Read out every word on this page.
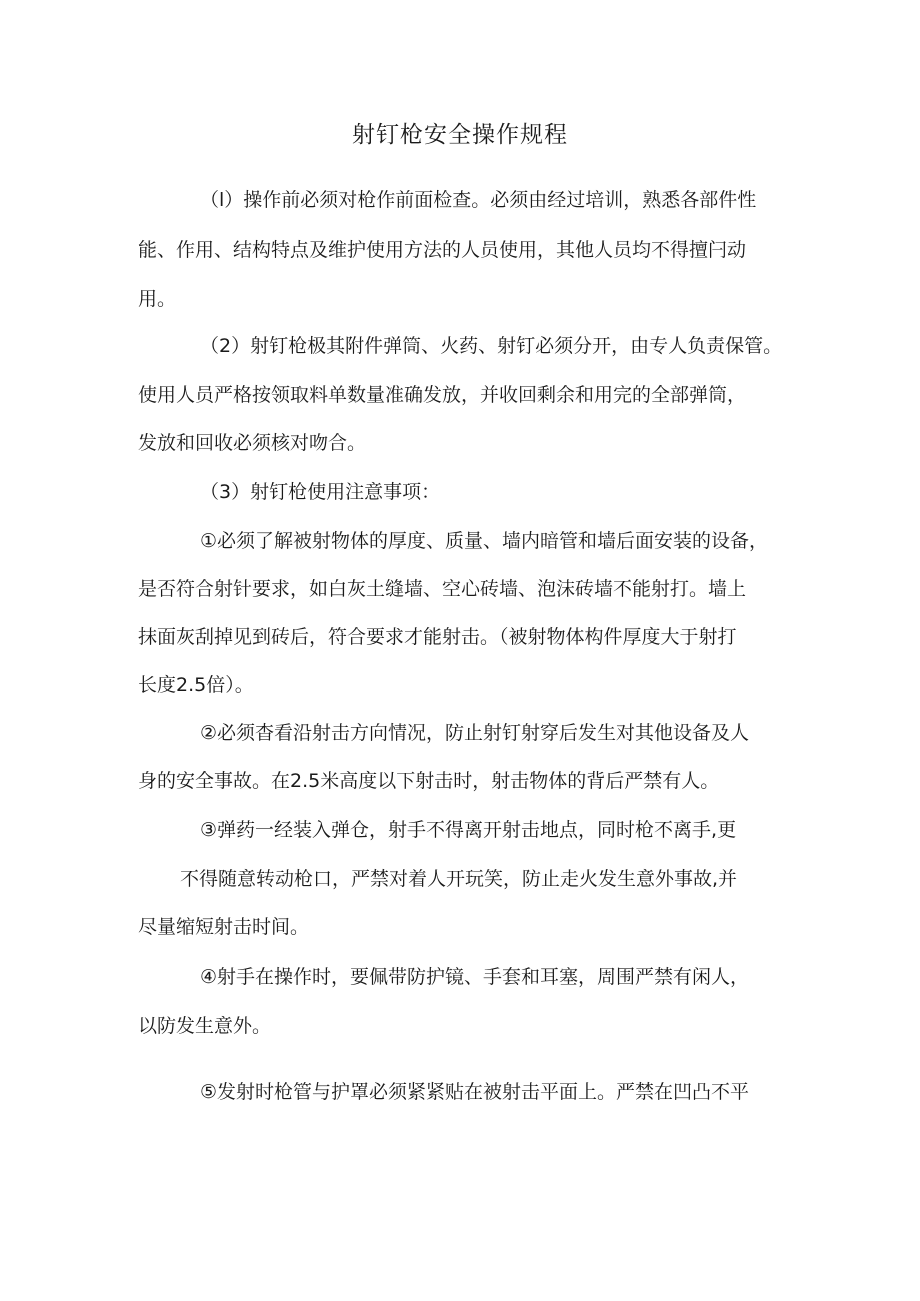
射钉枪安全操作规程

（l）操作前必须对枪作前面检查。必须由经过培训，熟悉各部件性

能、作用、结构特点及维护使用方法的人员使用，其他人员均不得擅闩动

用。

（2）射钉枪极其附件弹筒、火药、射钉必须分开，由专人负责保管。

使用人员严格按领取料单数量准确发放，并收回剩余和用完的全部弹筒，

发放和回收必须核对吻合。

（3）射钉枪使用注意事项：

①必须了解被射物体的厚度、质量、墙内暗管和墙后面安装的设备，

是否符合射针要求，如白灰土缝墙、空心砖墙、泡沫砖墙不能射打。墙上

抹面灰刮掉见到砖后，符合要求才能射击。（被射物体构件厚度大于射打

长度2.5倍）。

②必须杳看沿射击方向情况，防止射钉射穿后发生对其他设备及人

身的安全事故。在2.5米高度以下射击时，射击物体的背后严禁有人。

③弹药一经装入弹仓，射手不得离开射击地点，同时枪不离手,更

不得随意转动枪口，严禁对着人开玩笑，防止走火发生意外事故,并

尽量缩短射击时间。

④射手在操作时，要佩带防护镜、手套和耳塞，周围严禁有闲人，

以防发生意外。

⑤发射时枪管与护罩必须紧紧贴在被射击平面上。严禁在凹凸不平
